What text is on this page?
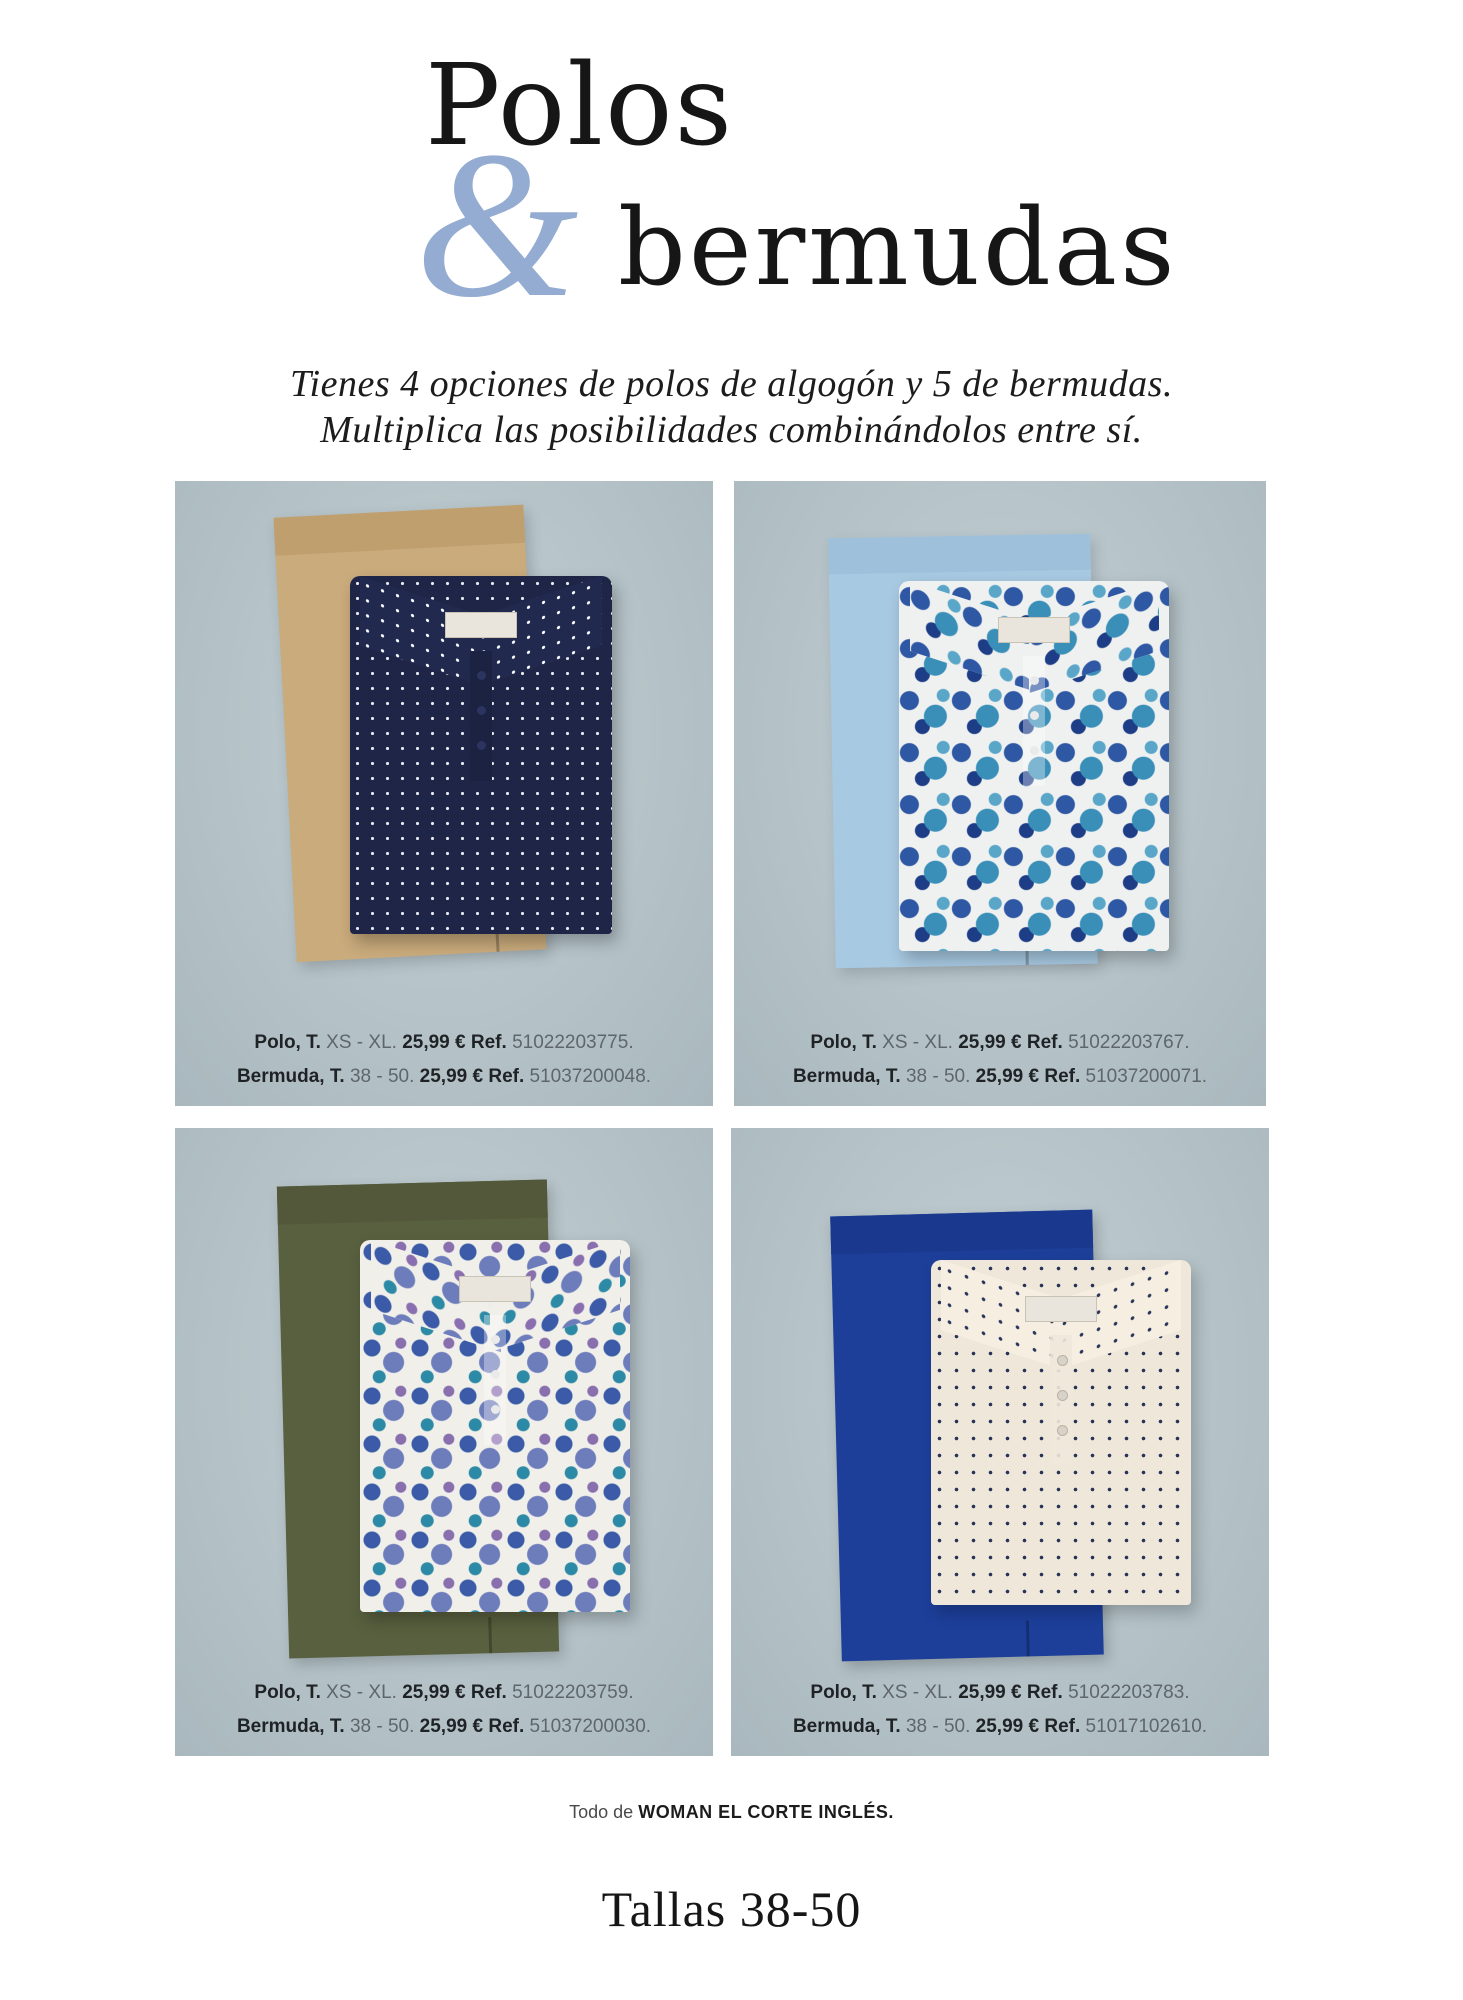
&
Polos
bermudas
Tienes 4 opciones de polos de algogón y 5 de bermudas.
Multiplica las posibilidades combinándolos entre sí.
Polo, T. XS - XL. 25,99 € Ref. 51022203775.
Bermuda, T. 38 - 50. 25,99 € Ref. 51037200048.
Polo, T. XS - XL. 25,99 € Ref. 51022203767.
Bermuda, T. 38 - 50. 25,99 € Ref. 51037200071.
Polo, T. XS - XL. 25,99 € Ref. 51022203759.
Bermuda, T. 38 - 50. 25,99 € Ref. 51037200030.
Polo, T. XS - XL. 25,99 € Ref. 51022203783.
Bermuda, T. 38 - 50. 25,99 € Ref. 51017102610.
Todo de WOMAN EL CORTE INGLÉS.
Tallas 38-50
